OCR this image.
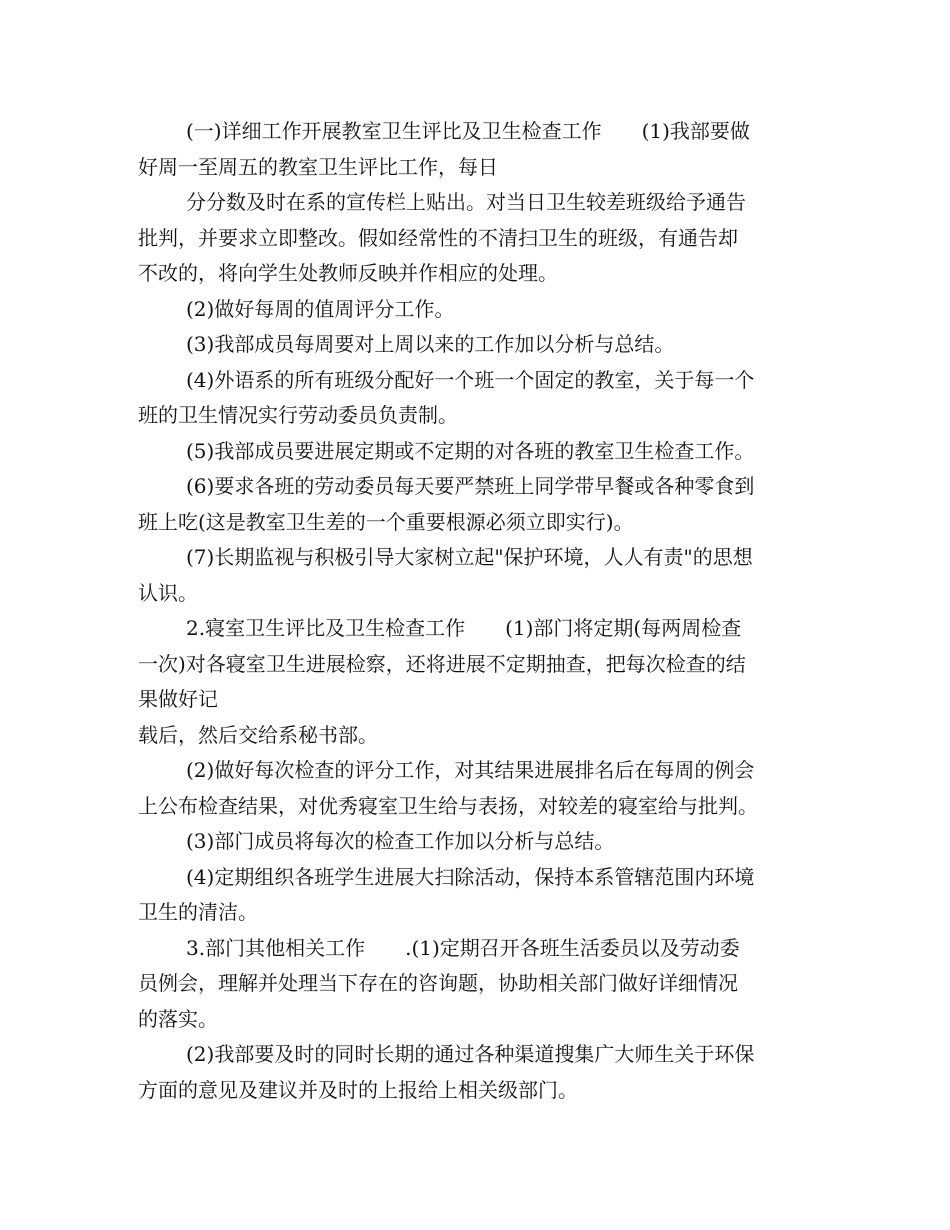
(一)详细工作开展教室卫生评比及卫生检查工作　　(1)我部要做
好周一至周五的教室卫生评比工作，每日
分分数及时在系的宣传栏上贴出。对当日卫生较差班级给予通告
批判，并要求立即整改。假如经常性的不清扫卫生的班级，有通告却
不改的，将向学生处教师反映并作相应的处理。
(2)做好每周的值周评分工作。
(3)我部成员每周要对上周以来的工作加以分析与总结。
(4)外语系的所有班级分配好一个班一个固定的教室，关于每一个
班的卫生情况实行劳动委员负责制。
(5)我部成员要进展定期或不定期的对各班的教室卫生检查工作。
(6)要求各班的劳动委员每天要严禁班上同学带早餐或各种零食到
班上吃(这是教室卫生差的一个重要根源必须立即实行)。
(7)长期监视与积极引导大家树立起"保护环境，人人有责"的思想
认识。
2.寝室卫生评比及卫生检查工作　　(1)部门将定期(每两周检查
一次)对各寝室卫生进展检察，还将进展不定期抽查，把每次检查的结
果做好记
载后，然后交给系秘书部。
(2)做好每次检查的评分工作，对其结果进展排名后在每周的例会
上公布检查结果，对优秀寝室卫生给与表扬，对较差的寝室给与批判。
(3)部门成员将每次的检查工作加以分析与总结。
(4)定期组织各班学生进展大扫除活动，保持本系管辖范围内环境
卫生的清洁。
3.部门其他相关工作　　.(1)定期召开各班生活委员以及劳动委
员例会，理解并处理当下存在的咨询题，协助相关部门做好详细情况
的落实。
(2)我部要及时的同时长期的通过各种渠道搜集广大师生关于环保
方面的意见及建议并及时的上报给上相关级部门。
